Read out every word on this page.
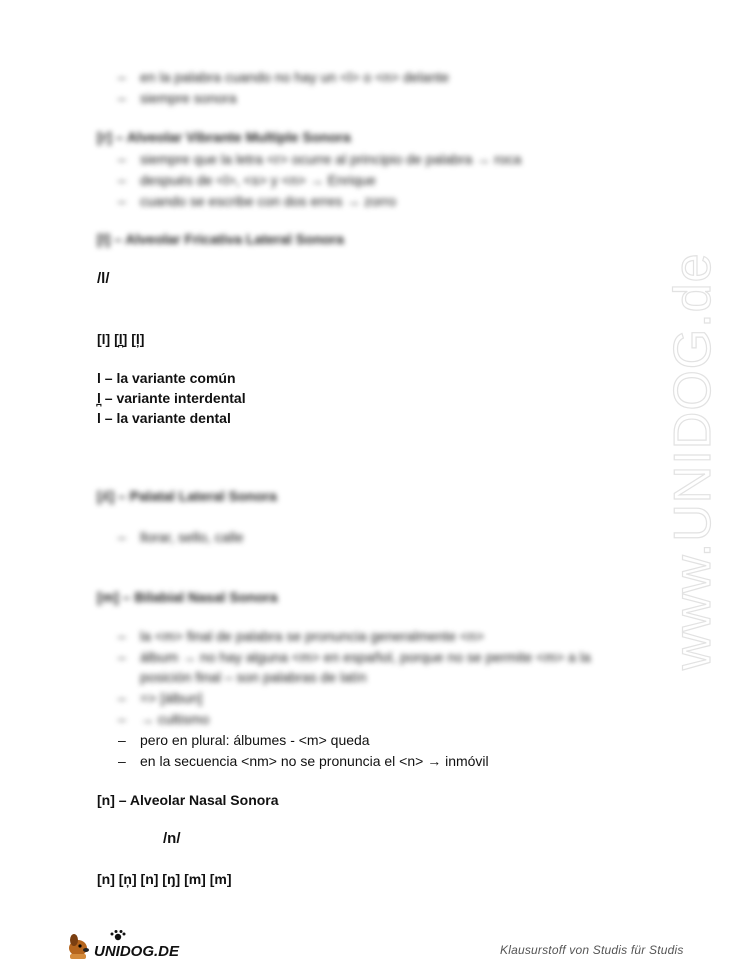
– en la palabra cuando no hay un <l> o <n> delante
– siempre sonora
[r] – Alveolar Vibrante Multiple Sonora
– siempre que la letra <r> ocurre al principio de palabra → roca
– después de <l>, <s> y <n> → Enrique
– cuando se escribe con dos erres → zorro
[l] – Alveolar Fricativa Lateral Sonora
/l/
[l] [l̪] [l̦]
l – la variante común
l̪ – variante interdental
l – la variante dental
[ʎ] – Palatal Lateral Sonora
– llorar, sello, calle
[m] – Bilabial Nasal Sonora
– la <m> final de palabra se pronuncia generalmente <n>
– álbum → no hay alguna <m> en español, porque no se permite <m> a la
posición final – son palabras de latín
– => [álbun]
– → cultismo
– pero en plural: álbumes - <m> queda
– en la secuencia <nm> no se pronuncia el <n> → inmóvil
[n] – Alveolar Nasal Sonora
/n/
[n] [n̦] [n] [ŋ] [m] [m]
www.UNIDOG.de
UNIDOG.DE	Klausurstoff von Studis für Studis
